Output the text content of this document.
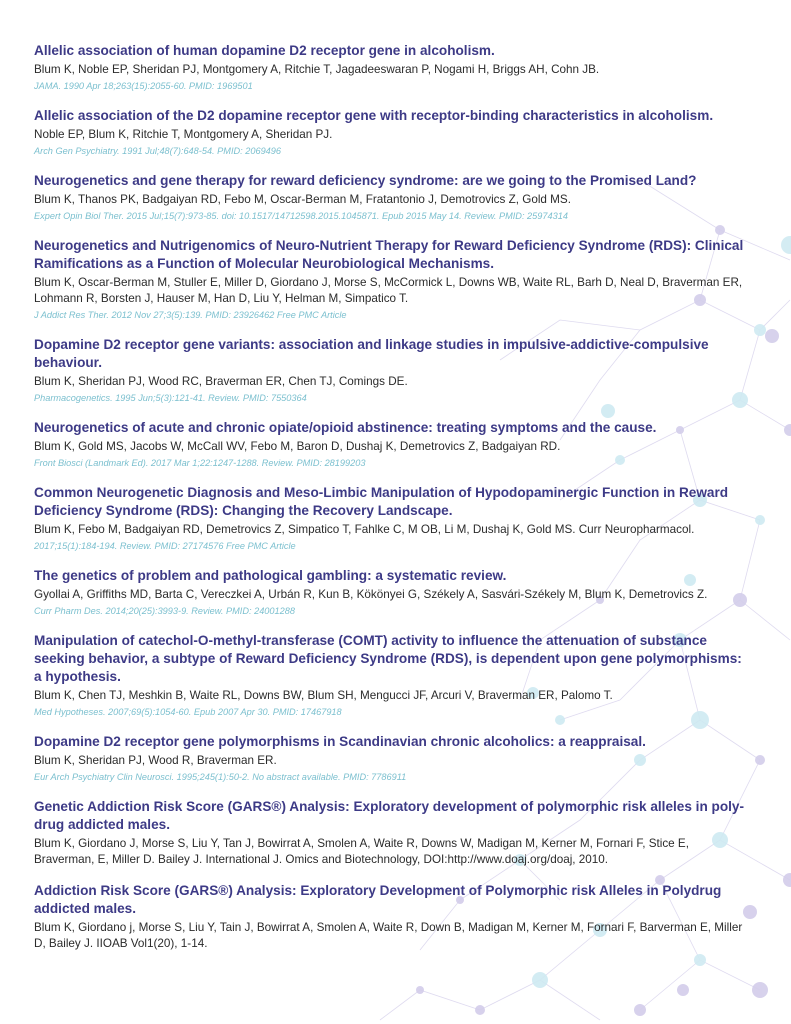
Allelic association of human dopamine D2 receptor gene in alcoholism.
Blum K, Noble EP, Sheridan PJ, Montgomery A, Ritchie T, Jagadeeswaran P, Nogami H, Briggs AH, Cohn JB.
JAMA. 1990 Apr 18;263(15):2055-60. PMID: 1969501
Allelic association of the D2 dopamine receptor gene with receptor-binding characteristics in alcoholism.
Noble EP, Blum K, Ritchie T, Montgomery A, Sheridan PJ.
Arch Gen Psychiatry. 1991 Jul;48(7):648-54. PMID: 2069496
Neurogenetics and gene therapy for reward deficiency syndrome: are we going to the Promised Land?
Blum K, Thanos PK, Badgaiyan RD, Febo M, Oscar-Berman M, Fratantonio J, Demotrovics Z, Gold MS.
Expert Opin Biol Ther. 2015 Jul;15(7):973-85. doi: 10.1517/14712598.2015.1045871. Epub 2015 May 14. Review. PMID: 25974314
Neurogenetics and Nutrigenomics of Neuro-Nutrient Therapy for Reward Deficiency Syndrome (RDS): Clinical Ramifications as a Function of Molecular Neurobiological Mechanisms.
Blum K, Oscar-Berman M, Stuller E, Miller D, Giordano J, Morse S, McCormick L, Downs WB, Waite RL, Barh D, Neal D, Braverman ER, Lohmann R, Borsten J, Hauser M, Han D, Liu Y, Helman M, Simpatico T.
J Addict Res Ther. 2012 Nov 27;3(5):139. PMID: 23926462 Free PMC Article
Dopamine D2 receptor gene variants: association and linkage studies in impulsive-addictive-compulsive behaviour.
Blum K, Sheridan PJ, Wood RC, Braverman ER, Chen TJ, Comings DE.
Pharmacogenetics. 1995 Jun;5(3):121-41. Review. PMID: 7550364
Neurogenetics of acute and chronic opiate/opioid abstinence: treating symptoms and the cause.
Blum K, Gold MS, Jacobs W, McCall WV, Febo M, Baron D, Dushaj K, Demetrovics Z, Badgaiyan RD.
Front Biosci (Landmark Ed). 2017 Mar 1;22:1247-1288. Review. PMID: 28199203
Common Neurogenetic Diagnosis and Meso-Limbic Manipulation of Hypodopaminergic Function in Reward Deficiency Syndrome (RDS): Changing the Recovery Landscape.
Blum K, Febo M, Badgaiyan RD, Demetrovics Z, Simpatico T, Fahlke C, M OB, Li M, Dushaj K, Gold MS. Curr Neuropharmacol.
2017;15(1):184-194. Review. PMID: 27174576 Free PMC Article
The genetics of problem and pathological gambling: a systematic review.
Gyollai A, Griffiths MD, Barta C, Vereczkei A, Urbán R, Kun B, Kökönyei G, Székely A, Sasvári-Székely M, Blum K, Demetrovics Z.
Curr Pharm Des. 2014;20(25):3993-9. Review. PMID: 24001288
Manipulation of catechol-O-methyl-transferase (COMT) activity to influence the attenuation of substance seeking behavior, a subtype of Reward Deficiency Syndrome (RDS), is dependent upon gene polymorphisms: a hypothesis.
Blum K, Chen TJ, Meshkin B, Waite RL, Downs BW, Blum SH, Mengucci JF, Arcuri V, Braverman ER, Palomo T.
Med Hypotheses. 2007;69(5):1054-60. Epub 2007 Apr 30. PMID: 17467918
Dopamine D2 receptor gene polymorphisms in Scandinavian chronic alcoholics: a reappraisal.
Blum K, Sheridan PJ, Wood R, Braverman ER.
Eur Arch Psychiatry Clin Neurosci. 1995;245(1):50-2. No abstract available. PMID: 7786911
Genetic Addiction Risk Score (GARS®) Analysis: Exploratory development of polymorphic risk alleles in poly-drug addicted males.
Blum K, Giordano J, Morse S, Liu Y, Tan J, Bowirrat A, Smolen A, Waite R, Downs W, Madigan M, Kerner M, Fornari F, Stice E, Braverman, E, Miller D. Bailey J. International J. Omics and Biotechnology, DOI:http://www.doaj.org/doaj, 2010.
Addiction Risk Score (GARS®) Analysis: Exploratory Development of Polymorphic risk Alleles in Polydrug addicted males.
Blum K, Giordano j, Morse S, Liu Y, Tain J, Bowirrat A, Smolen A, Waite R, Down B, Madigan M, Kerner M, Fornari F, Barverman E, Miller D, Bailey J. IIOAB Vol1(20), 1-14.
